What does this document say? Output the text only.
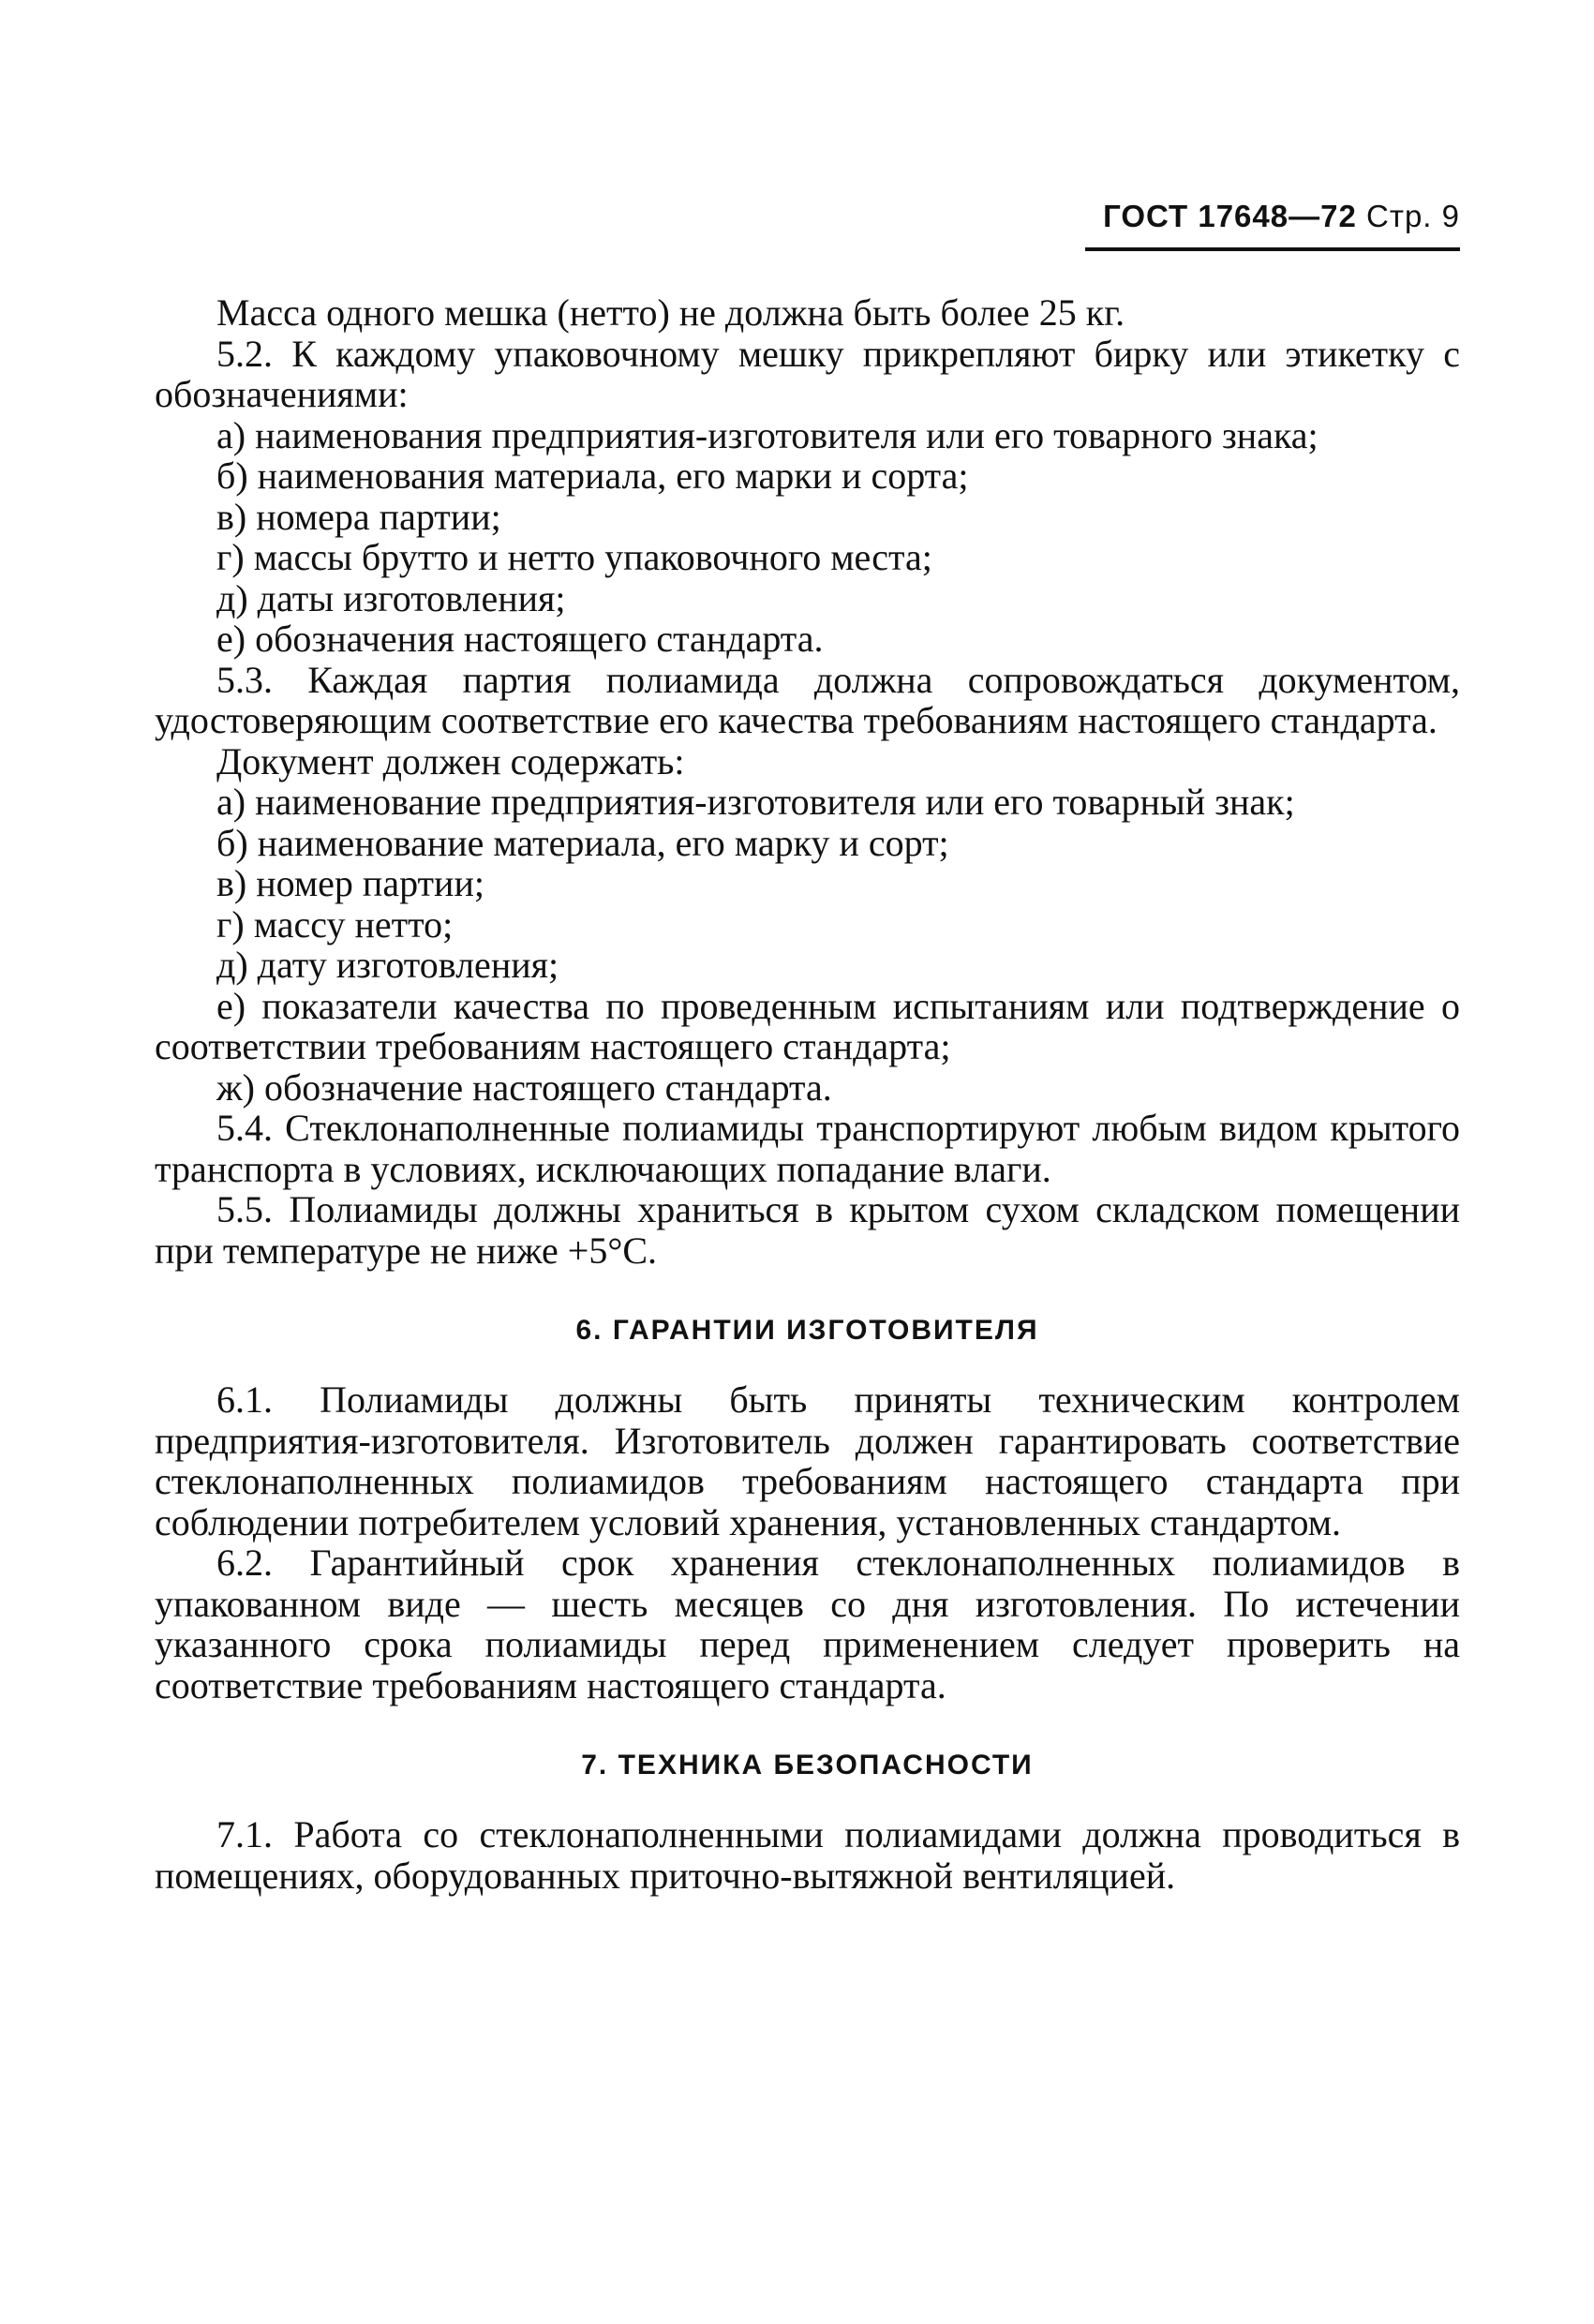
ГОСТ 17648—72 Стр. 9

Масса одного мешка (нетто) не должна быть более 25 кг.

5.2. К каждому упаковочному мешку прикрепляют бирку или этикетку с обозначениями:

а) наименования предприятия-изготовителя или его товарного знака;

б) наименования материала, его марки и сорта;

в) номера партии;

г) массы брутто и нетто упаковочного места;

д) даты изготовления;

е) обозначения настоящего стандарта.

5.3. Каждая партия полиамида должна сопровождаться документом, удостоверяющим соответствие его качества требованиям настоящего стандарта.

Документ должен содержать:

а) наименование предприятия-изготовителя или его товарный знак;

б) наименование материала, его марку и сорт;

в) номер партии;

г) массу нетто;

д) дату изготовления;

е) показатели качества по проведенным испытаниям или подтверждение о соответствии требованиям настоящего стандарта;

ж) обозначение настоящего стандарта.

5.4. Стеклонаполненные полиамиды транспортируют любым видом крытого транспорта в условиях, исключающих попадание влаги.

5.5. Полиамиды должны храниться в крытом сухом складском помещении при температуре не ниже +5°С.

6. ГАРАНТИИ ИЗГОТОВИТЕЛЯ

6.1. Полиамиды должны быть приняты техническим контролем предприятия-изготовителя. Изготовитель должен гарантировать соответствие стеклонаполненных полиамидов требованиям настоящего стандарта при соблюдении потребителем условий хранения, установленных стандартом.

6.2. Гарантийный срок хранения стеклонаполненных полиамидов в упакованном виде — шесть месяцев со дня изготовления. По истечении указанного срока полиамиды перед применением следует проверить на соответствие требованиям настоящего стандарта.

7. ТЕХНИКА БЕЗОПАСНОСТИ

7.1. Работа со стеклонаполненными полиамидами должна проводиться в помещениях, оборудованных приточно-вытяжной вентиляцией.
